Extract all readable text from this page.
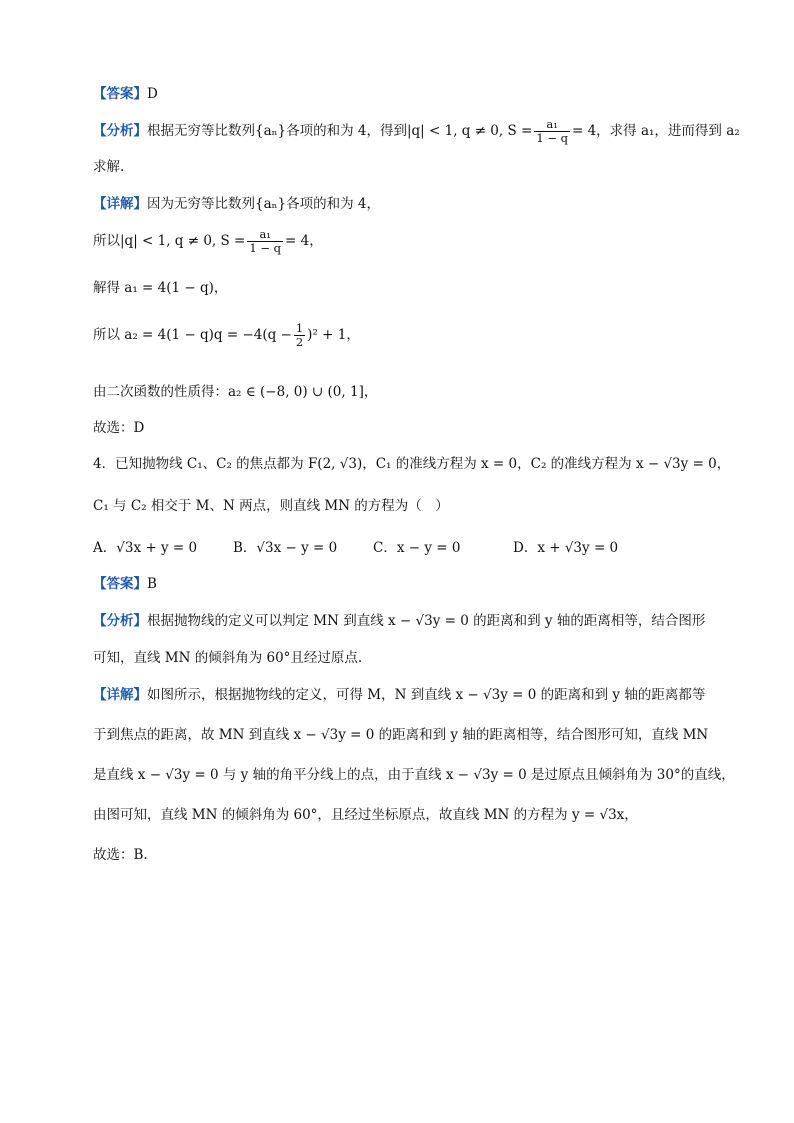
【答案】D
【分析】根据无穷等比数列{aₙ}各项的和为 4，得到|q| < 1, q ≠ 0, $S = \frac{\text{a₁}}{1 - q} = 4$，求得 a₁，进而得到 a₂
求解.
【详解】因为无穷等比数列{aₙ}各项的和为 4，
所以|q| < 1, q ≠ 0, $S = \frac{\text{a₁}}{1 - q} = 4$，
解得 a₁ = 4(1 − q)，
所以 $a_2 = 4(1 - q)q = -4(q - \frac{1}{2} )^2 + 1$，
由二次函数的性质得：a₂ ∈ (−8, 0) ∪ (0, 1]，
故选：D
4．已知抛物线 C₁、C₂ 的焦点都为 F(2, √3)，C₁ 的准线方程为 x = 0，C₂ 的准线方程为 x − √3y = 0，
C₁ 与 C₂ 相交于 M、N 两点，则直线 MN 的方程为（　）
A．√3x + y = 0	B．√3x − y = 0	C．x − y = 0	D．x + √3y = 0
【答案】B
【分析】根据抛物线的定义可以判定 MN 到直线 x − √3y = 0 的距离和到 y 轴的距离相等，结合图形
可知，直线 MN 的倾斜角为 60°且经过原点.
【详解】如图所示，根据抛物线的定义，可得 M，N 到直线 x − √3y = 0 的距离和到 y 轴的距离都等
于到焦点的距离，故 MN 到直线 x − √3y = 0 的距离和到 y 轴的距离相等，结合图形可知，直线 MN
是直线 x − √3y = 0 与 y 轴的角平分线上的点，由于直线 x − √3y = 0 是过原点且倾斜角为 30°的直线，
由图可知，直线 MN 的倾斜角为 60°，且经过坐标原点，故直线 MN 的方程为 y = √3x，
故选：B.
